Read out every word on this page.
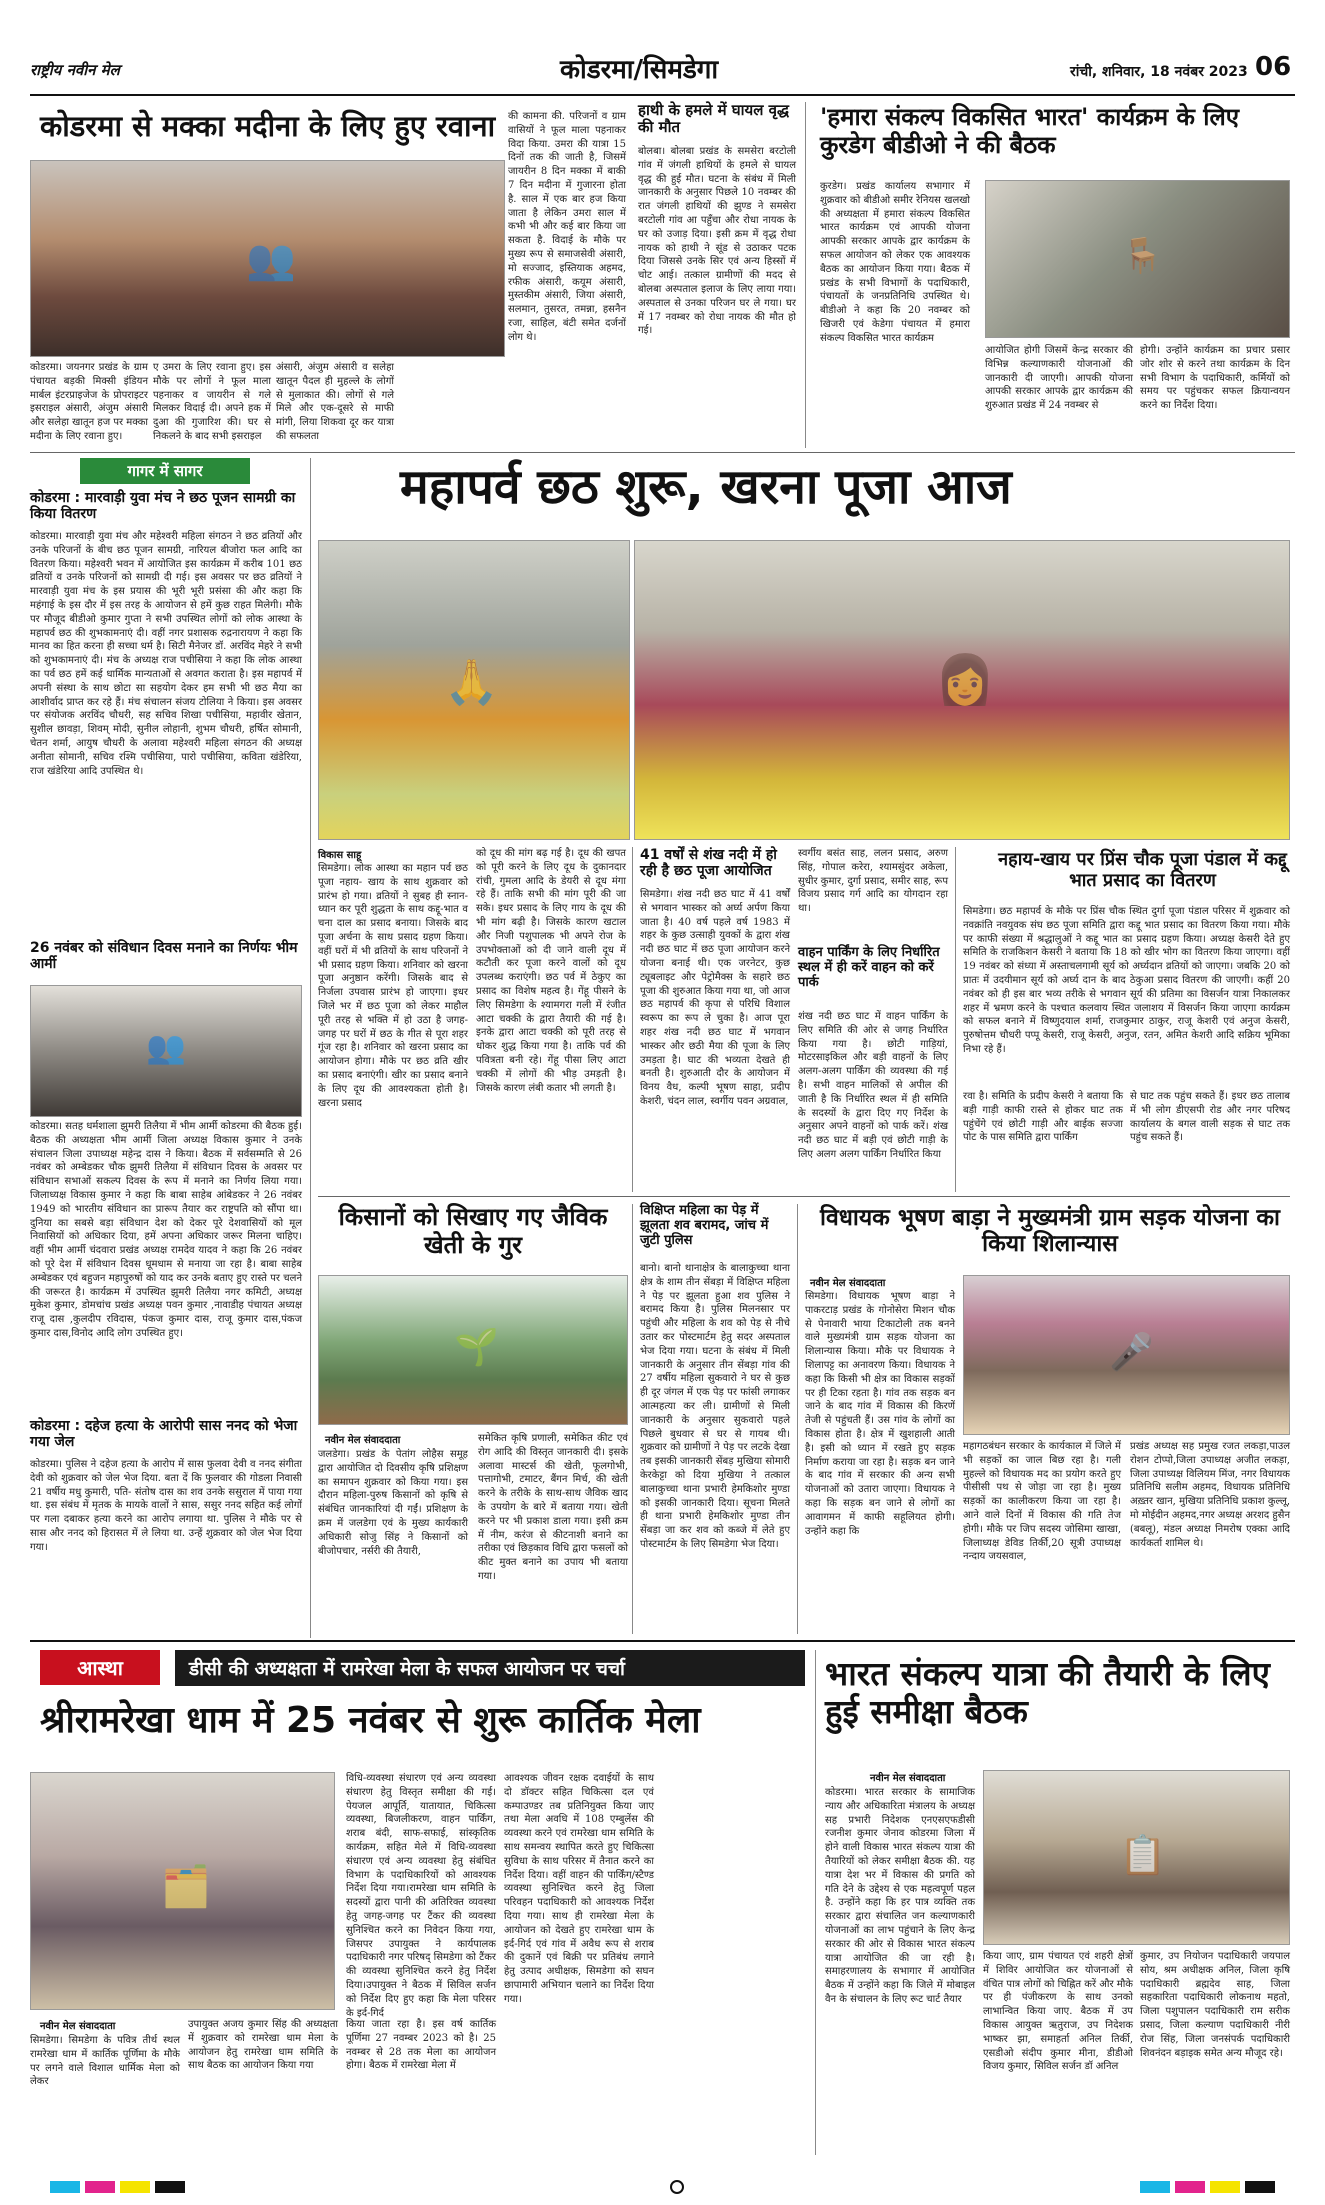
राष्ट्रीय नवीन मेल	कोडरमा/सिमडेगा	रांची, शनिवार, 18 नवंबर 2023 06
कोडरमा से मक्का मदीना के लिए हुए रवाना
👥
कोडरमा। जयनगर प्रखंड के ग्राम पंचायत बड़की मिक्सी इंडियन मार्बल इंटरप्राइजेज के प्रोपराइटर इसराइल अंसारी, अंजुम अंसारी और सलेहा खातून हज पर मक्का मदीना के लिए रवाना हुए।
ए उमरा के लिए रवाना हुए। इस मौके पर लोगों ने फूल माला पहनाकर व जायरीन से गले मिलकर विदाई दी। अपने हक में दुआ की गुजारिश की। घर से निकलने के बाद सभी इसराइल
अंसारी, अंजुम अंसारी व सलेहा खातून पैदल ही मुहल्ले के लोगों से मुलाकात की। लोगों से गले मिले और एक-दूसरे से माफी मांगी, लिया शिकवा दूर कर यात्रा की सफलता
की कामना की. परिजनों व ग्राम वासियों ने फूल माला पहनाकर विदा किया. उमरा की यात्रा 15 दिनों तक की जाती है, जिसमें जायरीन 8 दिन मक्का में बाकी 7 दिन मदीना में गुजारना होता है. साल में एक बार हज किया जाता है लेकिन उमरा साल में कभी भी और कई बार किया जा सकता है. विदाई के मौके पर मुख्य रूप से समाजसेवी अंसारी, मो सज्जाद, इस्तियाक अहमद, रफीक अंसारी, कयूम अंसारी, मुस्तकीम अंसारी, जिया अंसारी, सलमान, तुसरत, तमन्ना, हसनैन रजा, साहिल, बंटी समेत दर्जनों लोग थे।
हाथी के हमले में घायल वृद्ध की मौत
बोलबा। बोलबा प्रखंड के समसेरा बरटोली गांव में जंगली हाथियों के हमले से घायल वृद्ध की हुई मौत। घटना के संबंध में मिली जानकारी के अनुसार पिछले 10 नवम्बर की रात जंगली हाथियों की झुण्ड ने समसेरा बरटोली गांव आ पहुँचा और रोधा नायक के घर को उजाड़ दिया। इसी क्रम में वृद्ध रोधा नायक को हाथी ने सूंड से उठाकर पटक दिया जिससे उनके सिर एवं अन्य हिस्सों में चोट आई। तत्काल ग्रामीणों की मदद से बोलबा अस्पताल इलाज के लिए लाया गया। अस्पताल से उनका परिजन घर ले गया। घर में 17 नवम्बर को रोधा नायक की मौत हो गई।
'हमारा संकल्प विकसित भारत' कार्यक्रम के लिए कुरडेग बीडीओ ने की बैठक
कुरडेग। प्रखंड कार्यालय सभागार में शुक्रवार को बीडीओ समीर रेनियस खलखो की अध्यक्षता में हमारा संकल्प विकसित भारत कार्यक्रम एवं आपकी योजना आपकी सरकार आपके द्वार कार्यक्रम के सफल आयोजन को लेकर एक आवश्यक बैठक का आयोजन किया गया। बैठक में प्रखंड के सभी विभागों के पदाधिकारी, पंचायतों के जनप्रतिनिधि उपस्थित थे। बीडीओ ने कहा कि 20 नवम्बर को खिजरी एवं केडेगा पंचायत में हमारा संकल्प विकसित भारत कार्यक्रम
🪑
आयोजित होगी जिसमें केन्द्र सरकार की विभिन्न कल्याणकारी योजनाओं की जानकारी दी जाएगी। आपकी योजना आपकी सरकार आपके द्वार कार्यक्रम की शुरुआत प्रखंड में 24 नवम्बर से
होगी। उन्होंने कार्यक्रम का प्रचार प्रसार जोर शोर से करने तथा कार्यक्रम के दिन सभी विभाग के पदाधिकारी, कर्मियों को समय पर पहुंचकर सफल क्रियान्वयन करने का निर्देश दिया।
गागर में सागर
कोडरमा : मारवाड़ी युवा मंच ने छठ पूजन सामग्री का किया वितरण
कोडरमा। मारवाड़ी युवा मंच और महेश्वरी महिला संगठन ने छठ व्रतियों और उनके परिजनों के बीच छठ पूजन सामग्री, नारियल बीजोरा फल आदि का वितरण किया। महेश्वरी भवन में आयोजित इस कार्यक्रम में करीब 101 छठ व्रतियों व उनके परिजनों को सामग्री दी गई। इस अवसर पर छठ व्रतियों ने मारवाड़ी युवा मंच के इस प्रयास की भूरी भूरी प्रसंसा की और कहा कि महंगाई के इस दौर में इस तरह के आयोजन से हमें कुछ राहत मिलेगी। मौके पर मौजूद बीडीओ कुमार गुप्ता ने सभी उपस्थित लोगों को लोक आस्था के महापर्व छठ की शुभकामनाएं दी। वहीं नगर प्रशासक रुद्रनारायण ने कहा कि मानव का हित करना ही सच्चा धर्म है। सिटी मैनेजर डॉ. अरविंद मेहरे ने सभी को शुभकामनाएं दी। मंच के अध्यक्ष राज पचीसिया ने कहा कि लोक आस्था का पर्व छठ हमें कई धार्मिक मान्यताओं से अवगत कराता है। इस महापर्व में अपनी संस्था के साथ छोटा सा सहयोग देकर हम सभी भी छठ मैया का आशीर्वाद प्राप्त कर रहे हैं। मंच संचालन संजय टोलिया ने किया। इस अवसर पर संयोजक अरविंद चौधरी, सह सचिव शिखा पचीसिया, महावीर खेतान, सुशील छावड़ा, शिवम् मोदी, सुनील लोहानी, शुभम चौधरी, हर्षित सोमानी, चेतन शर्मा, आयुष चौधरी के अलावा महेश्वरी महिला संगठन की अध्यक्ष अनीता सोमानी, सचिव रश्मि पचीसिया, पारो पचीसिया, कविता खंडेरिया, राज खंडेरिया आदि उपस्थित थे।
26 नवंबर को संविधान दिवस मनाने का निर्णयः भीम आर्मी
👥
कोडरमा। सतह धर्मशाला झुमरी तिलैया में भीम आर्मी कोडरमा की बैठक हुई। बैठक की अध्यक्षता भीम आर्मी जिला अध्यक्ष विकास कुमार ने उनके संचालन जिला उपाध्यक्ष महेन्द्र दास ने किया। बैठक में सर्वसम्मति से 26 नवंबर को अम्बेडकर चौक झुमरी तिलैया में संविधान दिवस के अवसर पर संविधान सभाओं सकल्प दिवस के रूप में मनाने का निर्णय लिया गया। जिलाध्यक्ष विकास कुमार ने कहा कि बाबा साहेब आंबेडकर ने 26 नवंबर 1949 को भारतीय संविधान का प्रारूप तैयार कर राष्ट्रपति को सौंपा था। दुनिया का सबसे बड़ा संविधान देश को देकर पूरे देशवासियों को मूल निवासियों को अधिकार दिया, हमें अपना अधिकार जरूर मिलना चाहिए। वहीं भीम आर्मी चंदवारा प्रखंड अध्यक्ष रामदेव यादव ने कहा कि 26 नवंबर को पूरे देश में संविधान दिवस धूमधाम से मनाया जा रहा है। बाबा साहेब अम्बेडकर एवं बहुजन महापुरुषों को याद कर उनके बताए हुए रास्ते पर चलने की जरूरत है। कार्यक्रम में उपस्थित झुमरी तिलैया नगर कमिटी, अध्यक्ष मुकेश कुमार, डोमचांच प्रखंड अध्यक्ष पवन कुमार ,नावाडीह पंचायत अध्यक्ष राजू दास ,कुलदीप रविदास, पंकज कुमार दास, राजू कुमार दास,पंकज कुमार दास,विनोद आदि लोग उपस्थित हुए।
कोडरमा : दहेज हत्या के आरोपी सास ननद को भेजा गया जेल
कोडरमा। पुलिस ने दहेज हत्या के आरोप में सास फुलवा देवी व ननद संगीता देवी को शुक्रवार को जेल भेज दिया. बता दें कि फुलवार की गोडला निवासी 21 वर्षीय मधु कुमारी, पति- संतोष दास का शव उनके ससुराल में पाया गया था. इस संबंध में मृतक के मायके वालों ने सास, ससुर ननद सहित कई लोगों पर गला दबाकर हत्या करने का आरोप लगाया था. पुलिस ने मौके पर से सास और ननद को हिरासत में ले लिया था. उन्हें शुक्रवार को जेल भेज दिया गया।
महापर्व छठ शुरू, खरना पूजा आज
🙏	👩
विकास साहू
सिमडेगा। लोक आस्था का महान पर्व छठ पूजा नहाय- खाय के साथ शुक्रवार को प्रारंभ हो गया। व्रतियों ने सुबह ही स्नान-ध्यान कर पूरी शुद्धता के साथ कद्दू-भात व चना दाल का प्रसाद बनाया। जिसके बाद पूजा अर्चना के साथ प्रसाद ग्रहण किया। वहीं घरों में भी व्रतियों के साथ परिजनों ने भी प्रसाद ग्रहण किया। शनिवार को खरना पूजा अनुष्ठान करेंगी। जिसके बाद से निर्जला उपवास प्रारंभ हो जाएगा। इधर जिले भर में छठ पूजा को लेकर माहौल पूरी तरह से भक्ति में हो उठा है जगह-जगह पर घरों में छठ के गीत से पूरा शहर गूंज रहा है। शनिवार को खरना प्रसाद का आयोजन होगा। मौके पर छठ व्रति खीर का प्रसाद बनाएंगी। खीर का प्रसाद बनाने के लिए दूध की आवश्यकता होती है। खरना प्रसाद
को दूध की मांग बढ़ गई है। दूध की खपत को पूरी करने के लिए दूध के दुकानदार रांची, गुमला आदि के डेयरी से दूध मंगा रहे हैं। ताकि सभी की मांग पूरी की जा सके। इधर प्रसाद के लिए गाय के दूध की भी मांग बढ़ी है। जिसके कारण खटाल और निजी पशुपालक भी अपने रोज के उपभोक्ताओं को दी जाने वाली दूध में कटौती कर पूजा करने वालों को दूध उपलब्ध कराएंगी। छठ पर्व में ठेकुए का प्रसाद का विशेष महत्व है। गेंहू पीसने के लिए सिमडेगा के श्यामगरा गली में रंजीत आटा चक्की के द्वारा तैयारी की गई है। इनके द्वारा आटा चक्की को पूरी तरह से धोकर शुद्ध किया गया है। ताकि पर्व की पवित्रता बनी रहे। गेंहू पीसा लिए आटा चक्की में लोगों की भीड़ उमड़ती है। जिसके कारण लंबी कतार भी लगती है।
41 वर्षों से शंख नदी में हो रही है छठ पूजा आयोजित
सिमडेगा। शंख नदी छठ घाट में 41 वर्षों से भगवान भास्कर को अर्घ्य अर्पण किया जाता है। 40 वर्ष पहले वर्ष 1983 में शहर के कुछ उत्साही युवकों के द्वारा शंख नदी छठ घाट में छठ पूजा आयोजन करने योजना बनाई थी। एक जरनेटर, कुछ ट्यूबलाइट और पेट्रोमैक्स के सहारे छठ पूजा की शुरुआत किया गया था, जो आज छठ महापर्व की कृपा से परिधि विशाल स्वरूप का रूप ले चुका है। आज पूरा शहर शंख नदी छठ घाट में भगवान भास्कर और छठी मैया की पूजा के लिए उमड़ता है। घाट की भव्यता देखते ही बनती है। शुरुआती दौर के आयोजन में विनय वैध, कल्पी भूषण साहा, प्रदीप केशरी, चंदन लाल, स्वर्गीय पवन अग्रवाल,
स्वर्गीय बसंत साह, ललन प्रसाद, अरुण सिंह, गोपाल करेरा, श्यामसुंदर अकेला, सुधीर कुमार, दुर्गा प्रसाद, समीर साह, रूप विजय प्रसाद गर्ग आदि का योगदान रहा था।
वाहन पार्किंग के लिए निर्धारित स्थल में ही करें वाहन को करें पार्क
शंख नदी छठ घाट में वाहन पार्किंग के लिए समिति की ओर से जगह निर्धारित किया गया है। छोटी गाड़ियां, मोटरसाइकिल और बड़ी वाहनों के लिए अलग-अलग पार्किंग की व्यवस्था की गई है। सभी वाहन मालिकों से अपील की जाती है कि निर्धारित स्थल में ही समिति के सदस्यों के द्वारा दिए गए निर्देश के अनुसार अपने वाहनों को पार्क करें। शंख नदी छठ घाट में बड़ी एवं छोटी गाड़ी के लिए अलग अलग पार्किंग निर्धारित किया
नहाय-खाय पर प्रिंस चौक पूजा पंडाल में कद्दू भात प्रसाद का वितरण
सिमडेगा। छठ महापर्व के मौके पर प्रिंस चौक स्थित दुर्गा पूजा पंडाल परिसर में शुक्रवार को नवक्रांति नवयुवक संघ छठ पूजा समिति द्वारा कद्दू भात प्रसाद का वितरण किया गया। मौके पर काफी संख्या में श्रद्धालुओं ने कद्दू भात का प्रसाद ग्रहण किया। अध्यक्ष केसरी देते हुए समिति के राजकिशन केसरी ने बताया कि 18 को खीर भोग का वितरण किया जाएगा। वहीं 19 नवंबर को संध्या में अस्ताचलगामी सूर्य को अर्घ्यदान व्रतियों को जाएगा। जबकि 20 को प्रातः में उदयीमान सूर्य को अर्घ्य दान के बाद ठेकुआ प्रसाद वितरण की जाएगी। कहीं 20 नवंबर को ही इस बार भव्य तरीके से भगवान सूर्य की प्रतिमा का विसर्जन यात्रा निकालकर शहर में भ्रमण करने के पश्चात कलवाय स्थित जलाशय में विसर्जन किया जाएगा कार्यक्रम को सफल बनाने में विष्णुदयाल शर्मा, राजकुमार ठाकुर, राजू केशरी एवं अनुज केसरी, पुरुषोत्तम चौधरी पप्पू केसरी, राजू केसरी, अनुज, रतन, अमित केशरी आदि सक्रिय भूमिका निभा रहे हैं।
रवा है। समिति के प्रदीप केसरी ने बताया कि बड़ी गाड़ी काफी रास्ते से होकर घाट तक पहुंचेंगे एवं छोटी गाड़ी और बाईक सज्जा पोट के पास समिति द्वारा पार्किंग
से घाट तक पहुंच सकते हैं। इधर छठ तालाब में भी लोग डीएसपी रोड और नगर परिषद कार्यालय के बगल वाली सड़क से घाट तक पहुंच सकते हैं।
किसानों को सिखाए गए जैविक खेती के गुर
🌱
नवीन मेल संवाददाता
जलडेगा। प्रखंड के पेतांग लोहैस समूह द्वारा आयोजित दो दिवसीय कृषि प्रशिक्षण का समापन शुक्रवार को किया गया। इस दौरान महिला-पुरुष किसानों को कृषि से संबंधित जानकारियां दी गईं। प्रशिक्षण के क्रम में जलडेगा एवं के मुख्य कार्यकारी अधिकारी सोजु सिंह ने किसानों को बीजोपचार, नर्सरी की तैयारी,
समेकित कृषि प्रणाली, समेकित कीट एवं रोग आदि की विस्तृत जानकारी दी। इसके अलावा मास्टर्स की खेती, फूलगोभी, पत्तागोभी, टमाटर, बैंगन मिर्च, की खेती करने के तरीके के साथ-साथ जैविक खाद के उपयोग के बारे में बताया गया। खेती करने पर भी प्रकाश डाला गया। इसी क्रम में नीम, करंज से कीटनाशी बनाने का तरीका एवं छिड़काव विधि द्वारा फसलों को कीट मुक्त बनाने का उपाय भी बताया गया।
विक्षिप्त महिला का पेड़ में झूलता शव बरामद, जांच में जुटी पुलिस
बानो। बानो थानाक्षेत्र के बालाकुच्चा थाना क्षेत्र के शाम तीन सेंबड़ा में विक्षिप्त महिला ने पेड़ पर झूलता हुआ शव पुलिस ने बरामद किया है। पुलिस मिलनसार पर पहुंची और महिला के शव को पेड़ से नीचे उतार कर पोस्टमार्टम हेतु सदर अस्पताल भेज दिया गया। घटना के संबंध में मिली जानकारी के अनुसार तीन सेंबड़ा गांव की 27 वर्षीय महिला सुकवारो ने घर से कुछ ही दूर जंगल में एक पेड़ पर फांसी लगाकर आत्महत्या कर ली। ग्रामीणों से मिली जानकारी के अनुसार सुकवारो पहले पिछले बुधवार से घर से गायब थी। शुक्रवार को ग्रामीणों ने पेड़ पर लटके देखा तब इसकी जानकारी सेंबड़ मुखिया सोमारी केरकेट्टा को दिया मुखिया ने तत्काल बालाकुच्चा थाना प्रभारी हेमकिशोर मुण्डा को इसकी जानकारी दिया। सूचना मिलते ही थाना प्रभारी हेमकिशोर मुण्डा तीन सेंबड़ा जा कर शव को कब्जे में लेते हुए पोस्टमार्टम के लिए सिमडेगा भेज दिया।
विधायक भूषण बाड़ा ने मुख्यमंत्री ग्राम सड़क योजना का किया शिलान्यास
नवीन मेल संवाददाता
सिमडेगा। विधायक भूषण बाड़ा ने पाकरटाड़ प्रखंड के गोनोसेरा मिशन चौक से पेनावारी भाया टिकाटोली तक बनने वाले मुख्यमंत्री ग्राम सड़क योजना का शिलान्यास किया। मौके पर विधायक ने शिलापट्ट का अनावरण किया। विधायक ने कहा कि किसी भी क्षेत्र का विकास सड़कों पर ही टिका रहता है। गांव तक सड़क बन जाने के बाद गांव में विकास की किरणें तेजी से पहुंचती हैं। उस गांव के लोगों का विकास होता है। क्षेत्र में खुशहाली आती है। इसी को ध्यान में रखते हुए सड़क निर्माण कराया जा रहा है। सड़क बन जाने के बाद गांव में सरकार की अन्य सभी योजनाओं को उतारा जाएगा। विधायक ने कहा कि सड़क बन जाने से लोगों का आवागमन में काफी सहूलियत होगी। उन्होंने कहा कि
🎤
महागठबंधन सरकार के कार्यकाल में जिले में भी सड़कों का जाल बिछ रहा है। गली मुहल्ले को विधायक मद का प्रयोग करते हुए पीसीसी पथ से जोड़ा जा रहा है। मुख्य सड़कों का कालीकरण किया जा रहा है। आने वाले दिनों में विकास की गति तेज होगी। मौके पर जिप सदस्य जोसिमा खाखा, जिलाध्यक्ष डेविड तिर्की,20 सूत्री उपाध्यक्ष नन्दाय जयसवाल,
प्रखंड अध्यक्ष सह प्रमुख रजत लकड़ा,पाउल रोशन टोप्पो,जिला उपाध्यक्ष अजीत लकड़ा, जिला उपाध्यक्ष विलियम मिंज, नगर विधायक प्रतिनिधि सलीम अहमद, विधायक प्रतिनिधि अख़्तर खान, मुखिया प्रतिनिधि प्रकाश कुल्लू, मो मोईदीन अहमद,नगर अध्यक्ष अरशद हुसैन (बबलू), मंडल अध्यक्ष निमरोष एक्का आदि कार्यकर्ता शामिल थे।
आस्था	डीसी की अध्यक्षता में रामरेखा मेला के सफल आयोजन पर चर्चा
श्रीरामरेखा धाम में 25 नवंबर से शुरू कार्तिक मेला
🗂️
नवीन मेल संवाददाता
सिमडेगा। सिमडेगा के पवित्र तीर्थ स्थल रामरेखा धाम में कार्तिक पूर्णिमा के मौके पर लगने वाले विशाल धार्मिक मेला को लेकर
उपायुक्त अजय कुमार सिंह की अध्यक्षता में शुक्रवार को रामरेखा धाम मेला के आयोजन हेतु रामरेखा धाम समिति के साथ बैठक का आयोजन किया गया
किया जाता रहा है। इस वर्ष कार्तिक पूर्णिमा 27 नवम्बर 2023 को है। 25 नवम्बर से 28 तक मेला का आयोजन होगा। बैठक में रामरेखा मेला में
विधि-व्यवस्था संधारण एवं अन्य व्यवस्था संधारण हेतु विस्तृत समीक्षा की गई। पेयजल आपूर्ति, यातायात, चिकित्सा व्यवस्था, बिजलीकरण, वाहन पार्किंग, शराब बंदी, साफ-सफाई, सांस्कृतिक कार्यक्रम, सहित मेले में विधि-व्यवस्था संधारण एवं अन्य व्यवस्था हेतु संबंधित विभाग के पदाधिकारियों को आवश्यक निर्देश दिया गया।रामरेखा धाम समिति के सदस्यों द्वारा पानी की अतिरिक्त व्यवस्था हेतु जगह-जगह पर टैंकर की व्यवस्था सुनिश्चित करने का निवेदन किया गया, जिसपर उपायुक्त ने कार्यपालक पदाधिकारी नगर परिषद् सिमडेगा को टैंकर की व्यवस्था सुनिश्चित करने हेतु निर्देश दिया।उपायुक्त ने बैठक में सिविल सर्जन को निर्देश दिए हुए कहा कि मेला परिसर के इर्द-गिर्द
आवश्यक जीवन रक्षक दवाईयों के साथ दो डॉक्टर सहित चिकित्सा दल एवं कम्पाउण्डर तब प्रतिनियुक्त किया जाए तथा मेला अवधि में 108 एम्बुलेंस की व्यवस्था करने एवं रामरेखा धाम समिति के साथ समन्वय स्थापित करते हुए चिकित्सा सुविधा के साथ परिसर में तैनात करने का निर्देश दिया। वहीं वाहन की पार्किंग/स्टैण्ड व्यवस्था सुनिश्चित करने हेतु जिला परिवहन पदाधिकारी को आवश्यक निर्देश दिया गया। साथ ही रामरेखा मेला के आयोजन को देखते हुए रामरेखा धाम के इर्द-गिर्द एवं गांव में अवैध रूप से शराब की दुकानें एवं बिक्री पर प्रतिबंध लगाने हेतु उत्पाद अधीक्षक, सिमडेगा को सघन छापामारी अभियान चलाने का निर्देश दिया गया।
भारत संकल्प यात्रा की तैयारी के लिए हुई समीक्षा बैठक
नवीन मेल संवाददाता
कोडरमा। भारत सरकार के सामाजिक न्याय और अधिकारिता मंत्रालय के अध्यक्ष सह प्रभारी निदेशक एनएसएफडीसी रजनीश कुमार जेनाव कोडरमा जिला में होने वाली विकास भारत संकल्प यात्रा की तैयारियों को लेकर समीक्षा बैठक की. यह यात्रा देश भर में विकास की प्रगति को गति देने के उद्देश्य से एक महत्वपूर्ण पहल है. उन्होंने कहा कि हर पात्र व्यक्ति तक सरकार द्वारा संचालित जन कल्याणकारी योजनाओं का लाभ पहुंचाने के लिए केन्द्र सरकार की ओर से विकास भारत संकल्प यात्रा आयोजित की जा रही है। समाहरणालय के सभागार में आयोजित बैठक में उन्होंने कहा कि जिले में मोबाइल वैन के संचालन के लिए रूट चार्ट तैयार
📋
किया जाए, ग्राम पंचायत एवं शहरी क्षेत्रों में शिविर आयोजित कर योजनाओं से वंचित पात्र लोगों को चिह्नित करें और मौके पर ही पंजीकरण के साथ उनको लाभान्वित किया जाए. बैठक में उप विकास आयुक्त ऋतुराज, उप निदेशक भाष्कर झा, समाहर्ता अनिल तिर्की, एसडीओ संदीप कुमार मीना, डीडीओ विजय कुमार, सिविल सर्जन डॉ अनिल
कुमार, उप नियोजन पदाधिकारी जयपाल सोय, श्रम अधीक्षक अनिल, जिला कृषि पदाधिकारी ब्रह्मदेव साह, जिला सहकारिता पदाधिकारी लोकनाथ महतो, जिला पशुपालन पदाधिकारी राम सरीक प्रसाद, जिला कल्याण पदाधिकारी नीरी रोज सिंह, जिला जनसंपर्क पदाधिकारी शिवनंदन बड़ाइक समेत अन्य मौजूद रहे।
